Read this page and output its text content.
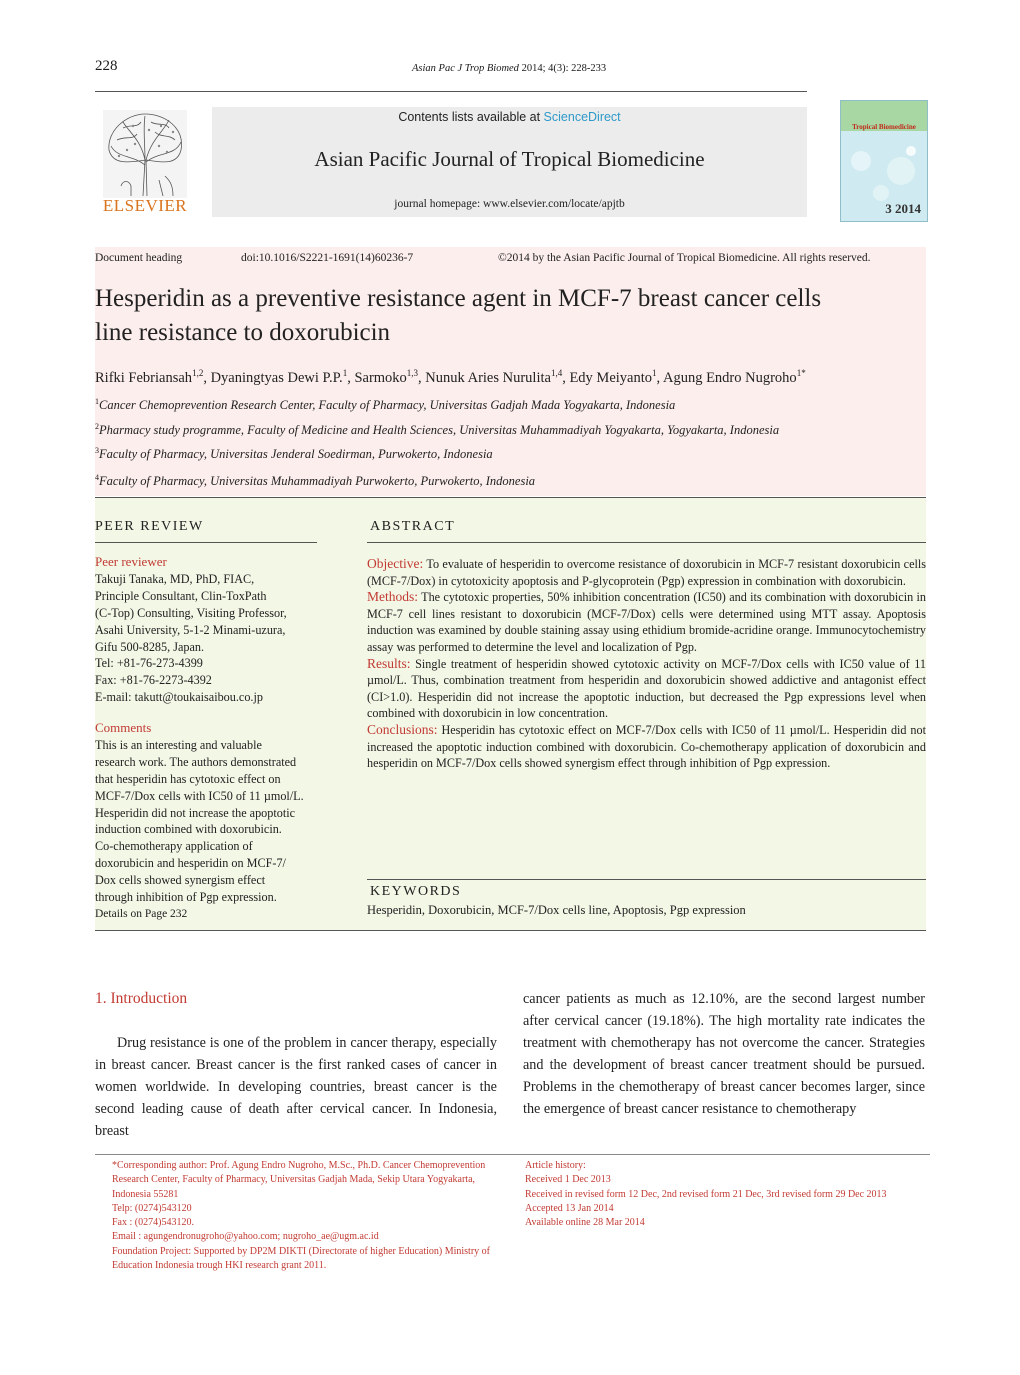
228	Asian Pac J Trop Biomed 2014; 4(3): 228-233
ELSEVIER
Contents lists available at ScienceDirect
Asian Pacific Journal of Tropical Biomedicine
journal homepage: www.elsevier.com/locate/apjtb
Tropical Biomedicine
3 2014
Document heading	doi:10.1016/S2221-1691(14)60236-7	©2014 by the Asian Pacific Journal of Tropical Biomedicine. All rights reserved.
Hesperidin as a preventive resistance agent in MCF-7 breast cancer cells
line resistance to doxorubicin
Rifki Febriansah$^{1,2}$, Dyaningtyas Dewi P.P.$^1$, Sarmoko$^{1,3}$, Nunuk Aries Nurulita$^{1,4}$, Edy Meiyanto$^1$, Agung Endro Nugroho$^{1*}$
$^1$Cancer Chemoprevention Research Center, Faculty of Pharmacy, Universitas Gadjah Mada Yogyakarta, Indonesia
$^2$Pharmacy study programme, Faculty of Medicine and Health Sciences, Universitas Muhammadiyah Yogyakarta, Yogyakarta, Indonesia
$^3$Faculty of Pharmacy, Universitas Jenderal Soedirman, Purwokerto, Indonesia
$^4$Faculty of Pharmacy, Universitas Muhammadiyah Purwokerto, Purwokerto, Indonesia
PEER REVIEW
Peer reviewer
Takuji Tanaka, MD, PhD, FIAC,
Principle Consultant, Clin-ToxPath
(C-Top) Consulting, Visiting Professor,
Asahi University, 5-1-2 Minami-uzura,
Gifu 500-8285, Japan.
Tel: +81-76-273-4399
Fax: +81-76-2273-4392
E-mail: takutt@toukaisaibou.co.jp
Comments
This is an interesting and valuable
research work. The authors demonstrated
that hesperidin has cytotoxic effect on
MCF-7/Dox cells with IC50 of 11 µmol/L.
Hesperidin did not increase the apoptotic
induction combined with doxorubicin.
Co-chemotherapy application of
doxorubicin and hesperidin on MCF-7/
Dox cells showed synergism effect
through inhibition of Pgp expression.
Details on Page 232
ABSTRACT
Objective: To evaluate of hesperidin to overcome resistance of doxorubicin in MCF-7 resistant doxorubicin cells (MCF-7/Dox) in cytotoxicity apoptosis and P-glycoprotein (Pgp) expression in combination with doxorubicin.
Methods: The cytotoxic properties, 50% inhibition concentration (IC50) and its combination with doxorubicin in MCF-7 cell lines resistant to doxorubicin (MCF-7/Dox) cells were determined using MTT assay. Apoptosis induction was examined by double staining assay using ethidium bromide-acridine orange. Immunocytochemistry assay was performed to determine the level and localization of Pgp.
Results: Single treatment of hesperidin showed cytotoxic activity on MCF-7/Dox cells with IC50 value of 11 µmol/L. Thus, combination treatment from hesperidin and doxorubicin showed addictive and antagonist effect (CI>1.0). Hesperidin did not increase the apoptotic induction, but decreased the Pgp expressions level when combined with doxorubicin in low concentration.
Conclusions: Hesperidin has cytotoxic effect on MCF-7/Dox cells with IC50 of 11 µmol/L. Hesperidin did not increased the apoptotic induction combined with doxorubicin. Co-chemotherapy application of doxorubicin and hesperidin on MCF-7/Dox cells showed synergism effect through inhibition of Pgp expression.
KEYWORDS
Hesperidin, Doxorubicin, MCF-7/Dox cells line, Apoptosis, Pgp expression
1. Introduction
Drug resistance is one of the problem in cancer therapy, especially in breast cancer. Breast cancer is the first ranked cases of cancer in women worldwide. In developing countries, breast cancer is the second leading cause of death after cervical cancer. In Indonesia, breast
cancer patients as much as 12.10%, are the second largest number after cervical cancer (19.18%). The high mortality rate indicates the treatment with chemotherapy has not overcome the cancer. Strategies and the development of breast cancer treatment should be pursued. Problems in the chemotherapy of breast cancer becomes larger, since the emergence of breast cancer resistance to chemotherapy
*Corresponding author: Prof. Agung Endro Nugroho, M.Sc., Ph.D. Cancer Chemoprevention Research Center, Faculty of Pharmacy, Universitas Gadjah Mada, Sekip Utara Yogyakarta, Indonesia 55281
Telp: (0274)543120
Fax : (0274)543120.
Email : agungendronugroho@yahoo.com; nugroho_ae@ugm.ac.id
Foundation Project: Supported by DP2M DIKTI (Directorate of higher Education) Ministry of Education Indonesia trough HKI research grant 2011.
Article history:
Received 1 Dec 2013
Received in revised form 12 Dec, 2nd revised form 21 Dec, 3rd revised form 29 Dec 2013
Accepted 13 Jan 2014
Available online 28 Mar 2014
